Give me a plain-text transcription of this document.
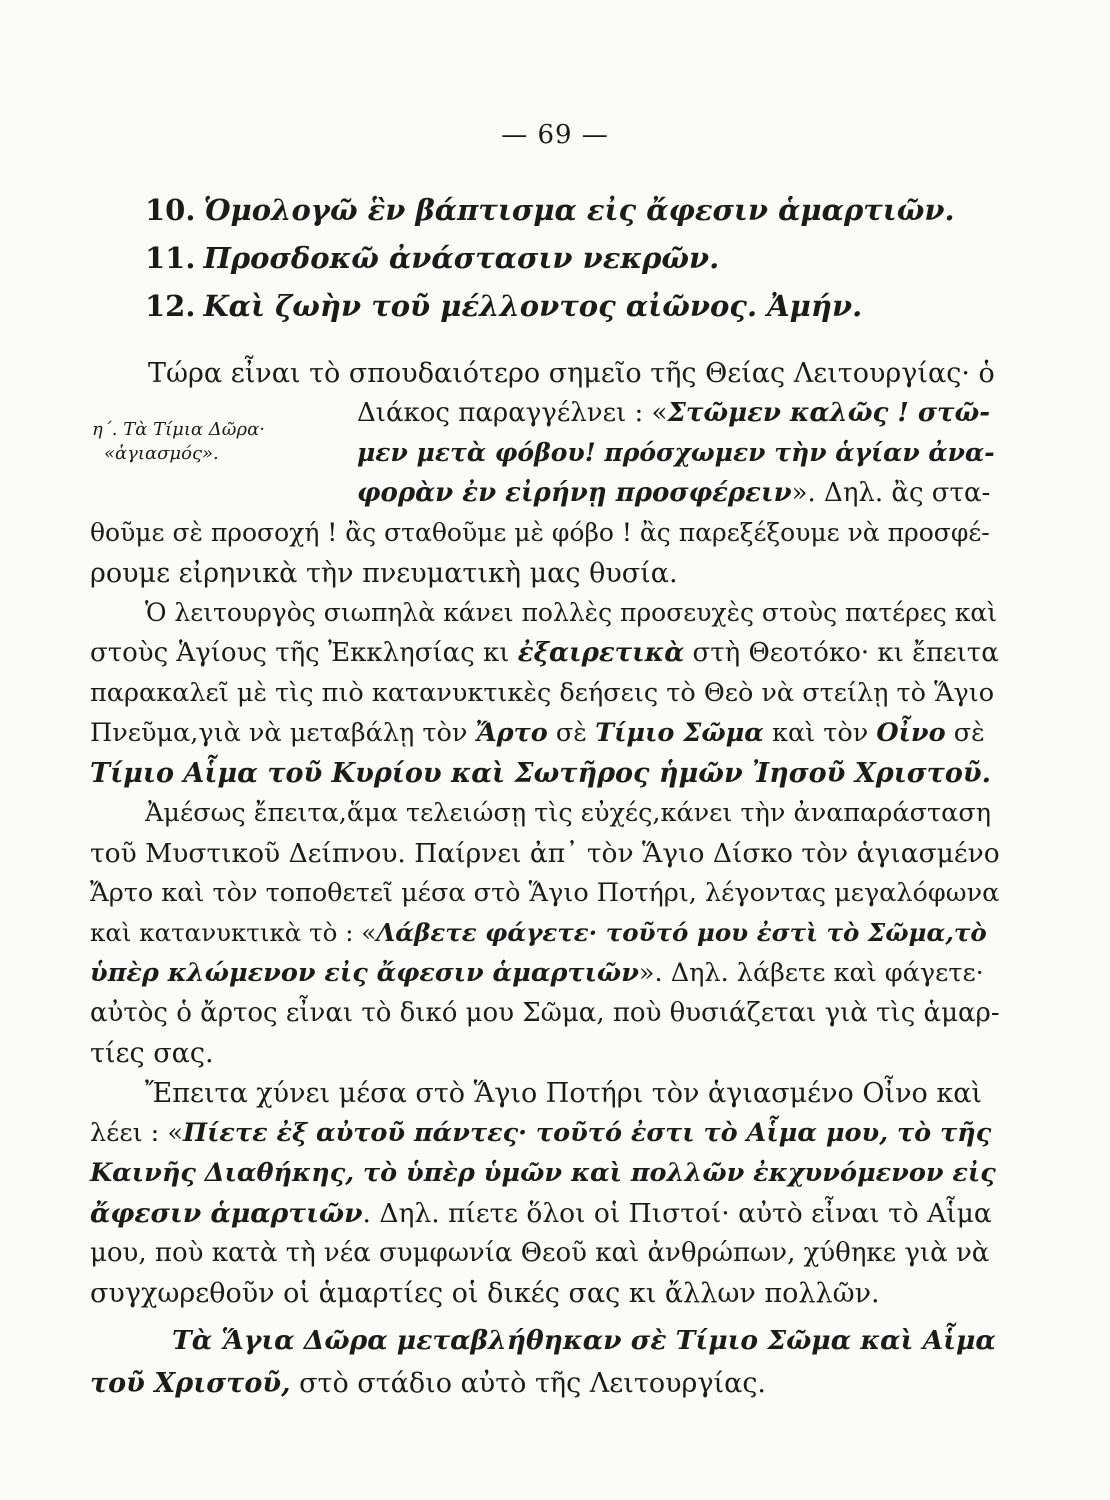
— 69 —
10. Ὁμολογῶ ἓν βάπτισμα εἰς ἄφεσιν ἁμαρτιῶν.
11. Προσδοκῶ ἀνάστασιν νεκρῶν.
12. Καὶ ζωὴν τοῦ μέλλοντος αἰῶνος. Ἀμήν.
η΄. Τὰ Τίμια Δῶρα·
«ἁγιασμός».
Τώρα εἶναι τὸ σπουδαιότερο σημεῖο τῆς Θείας Λειτουργίας· ὁ
Διάκος παραγγέλνει : «Στῶμεν καλῶς ! στῶ-
μεν μετὰ φόβου! πρόσχωμεν τὴν ἁγίαν ἀνα-
φορὰν ἐν εἰρήνῃ προσφέρειν». Δηλ. ἂς στα-
θοῦμε σὲ προσοχή ! ἂς σταθοῦμε μὲ φόβο ! ἂς παρεξέξουμε νὰ προσφέ-
ρουμε εἰρηνικὰ τὴν πνευματικὴ μας θυσία.
Ὁ λειτουργὸς σιωπηλὰ κάνει πολλὲς προσευχὲς στοὺς πατέρες καὶ
στοὺς Ἁγίους τῆς Ἐκκλησίας κι ἐξαιρετικὰ στὴ Θεοτόκο· κι ἔπειτα
παρακαλεῖ μὲ τὶς πιὸ κατανυκτικὲς δεήσεις τὸ Θεὸ νὰ στείλῃ τὸ Ἅγιο
Πνεῦμα,γιὰ νὰ μεταβάλῃ τὸν Ἄρτο σὲ Τίμιο Σῶμα καὶ τὸν Οἶνο σὲ
Τίμιο Αἷμα τοῦ Κυρίου καὶ Σωτῆρος ἡμῶν Ἰησοῦ Χριστοῦ.
Ἀμέσως ἔπειτα,ἅμα τελειώσῃ τὶς εὐχές,κάνει τὴν ἀναπαράσταση
τοῦ Μυστικοῦ Δείπνου. Παίρνει ἀπ᾿ τὸν Ἅγιο Δίσκο τὸν ἁγιασμένο
Ἄρτο καὶ τὸν τοποθετεῖ μέσα στὸ Ἅγιο Ποτήρι, λέγοντας μεγαλόφωνα
καὶ κατανυκτικὰ τὸ : «Λάβετε φάγετε· τοῦτό μου ἐστὶ τὸ Σῶμα,τὸ
ὑπὲρ κλώμενον εἰς ἄφεσιν ἁμαρτιῶν». Δηλ. λάβετε καὶ φάγετε·
αὐτὸς ὁ ἄρτος εἶναι τὸ δικό μου Σῶμα, ποὺ θυσιάζεται γιὰ τὶς ἁμαρ-
τίες σας.
Ἔπειτα χύνει μέσα στὸ Ἅγιο Ποτήρι τὸν ἁγιασμένο Οἶνο καὶ
λέει : «Πίετε ἐξ αὐτοῦ πάντες· τοῦτό ἐστι τὸ Αἷμα μου, τὸ τῆς
Καινῆς Διαθήκης, τὸ ὑπὲρ ὑμῶν καὶ πολλῶν ἐκχυνόμενον εἰς
ἄφεσιν ἁμαρτιῶν. Δηλ. πίετε ὅλοι οἱ Πιστοί· αὐτὸ εἶναι τὸ Αἷμα
μου, ποὺ κατὰ τὴ νέα συμφωνία Θεοῦ καὶ ἀνθρώπων, χύθηκε γιὰ νὰ
συγχωρεθοῦν οἱ ἁμαρτίες οἱ δικές σας κι ἄλλων πολλῶν.
Τὰ Ἅγια Δῶρα μεταβλήθηκαν σὲ Τίμιο Σῶμα καὶ Αἷμα
τοῦ Χριστοῦ, στὸ στάδιο αὐτὸ τῆς Λειτουργίας.
